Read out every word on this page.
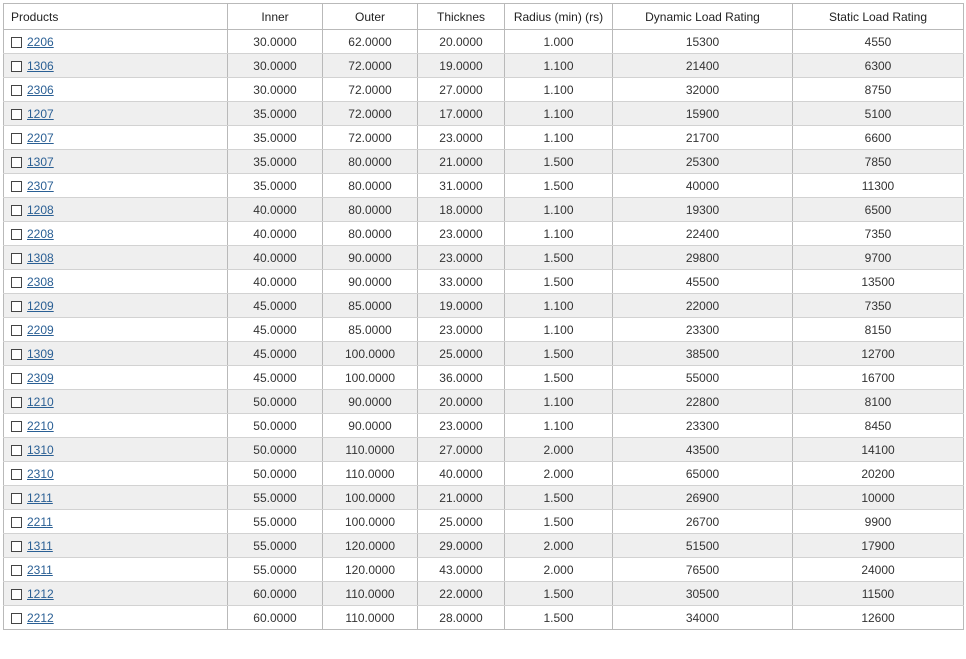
Products	Inner	Outer	Thicknes	Radius (min) (rs)	Dynamic Load Rating	Static Load Rating
2206	30.0000	62.0000	20.0000	1.000	15300	4550
1306	30.0000	72.0000	19.0000	1.100	21400	6300
2306	30.0000	72.0000	27.0000	1.100	32000	8750
1207	35.0000	72.0000	17.0000	1.100	15900	5100
2207	35.0000	72.0000	23.0000	1.100	21700	6600
1307	35.0000	80.0000	21.0000	1.500	25300	7850
2307	35.0000	80.0000	31.0000	1.500	40000	11300
1208	40.0000	80.0000	18.0000	1.100	19300	6500
2208	40.0000	80.0000	23.0000	1.100	22400	7350
1308	40.0000	90.0000	23.0000	1.500	29800	9700
2308	40.0000	90.0000	33.0000	1.500	45500	13500
1209	45.0000	85.0000	19.0000	1.100	22000	7350
2209	45.0000	85.0000	23.0000	1.100	23300	8150
1309	45.0000	100.0000	25.0000	1.500	38500	12700
2309	45.0000	100.0000	36.0000	1.500	55000	16700
1210	50.0000	90.0000	20.0000	1.100	22800	8100
2210	50.0000	90.0000	23.0000	1.100	23300	8450
1310	50.0000	110.0000	27.0000	2.000	43500	14100
2310	50.0000	110.0000	40.0000	2.000	65000	20200
1211	55.0000	100.0000	21.0000	1.500	26900	10000
2211	55.0000	100.0000	25.0000	1.500	26700	9900
1311	55.0000	120.0000	29.0000	2.000	51500	17900
2311	55.0000	120.0000	43.0000	2.000	76500	24000
1212	60.0000	110.0000	22.0000	1.500	30500	11500
2212	60.0000	110.0000	28.0000	1.500	34000	12600
